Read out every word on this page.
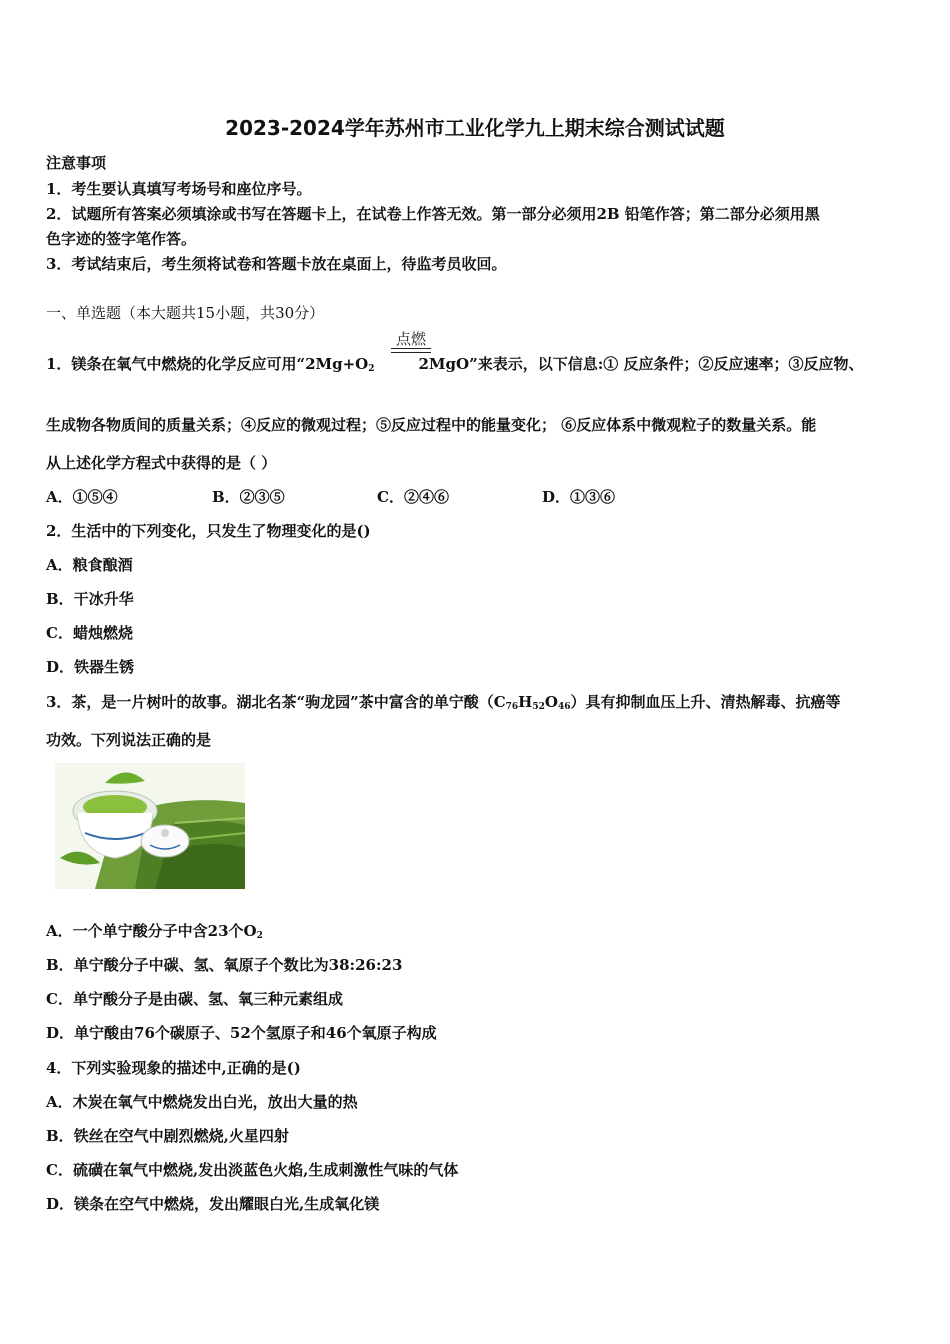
2023-2024学年苏州市工业化学九上期末综合测试试题
注意事项
1．考生要认真填写考场号和座位序号。
2．试题所有答案必须填涂或书写在答题卡上，在试卷上作答无效。第一部分必须用2B 铅笔作答；第二部分必须用黑
色字迹的签字笔作答。
3．考试结束后，考生须将试卷和答题卡放在桌面上，待监考员收回。
一、单选题（本大题共15小题，共30分）
点燃
1．镁条在氧气中燃烧的化学反应可用“$2Mg+O_2$	2MgO”来表示，以下信息:① 反应条件；②反应速率；③反应物、
生成物各物质间的质量关系；④反应的微观过程；⑤反应过程中的能量变化； ⑥反应体系中微观粒子的数量关系。能
从上述化学方程式中获得的是（ ）
A．①⑤④	B．②③⑤	C．②④⑥	D．①③⑥
2．生活中的下列变化，只发生了物理变化的是()
A．粮食酿酒
B．干冰升华
C．蜡烛燃烧
D．铁器生锈
3．茶，是一片树叶的故事。湖北名茶“驹龙园”茶中富含的单宁酸$(C_{76}H_{52}O_{46})$具有抑制血压上升、清热解毒、抗癌等
功效。下列说法正确的是
A．一个单宁酸分子中含23个$O_2$
B．单宁酸分子中碳、氢、氧原子个数比为38:26:23
C．单宁酸分子是由碳、氢、氧三种元素组成
D．单宁酸由76个碳原子、52个氢原子和46个氧原子构成
4．下列实验现象的描述中,正确的是()
A．木炭在氧气中燃烧发出白光，放出大量的热
B．铁丝在空气中剧烈燃烧,火星四射
C．硫磺在氧气中燃烧,发出淡蓝色火焰,生成刺激性气味的气体
D．镁条在空气中燃烧，发出耀眼白光,生成氧化镁
